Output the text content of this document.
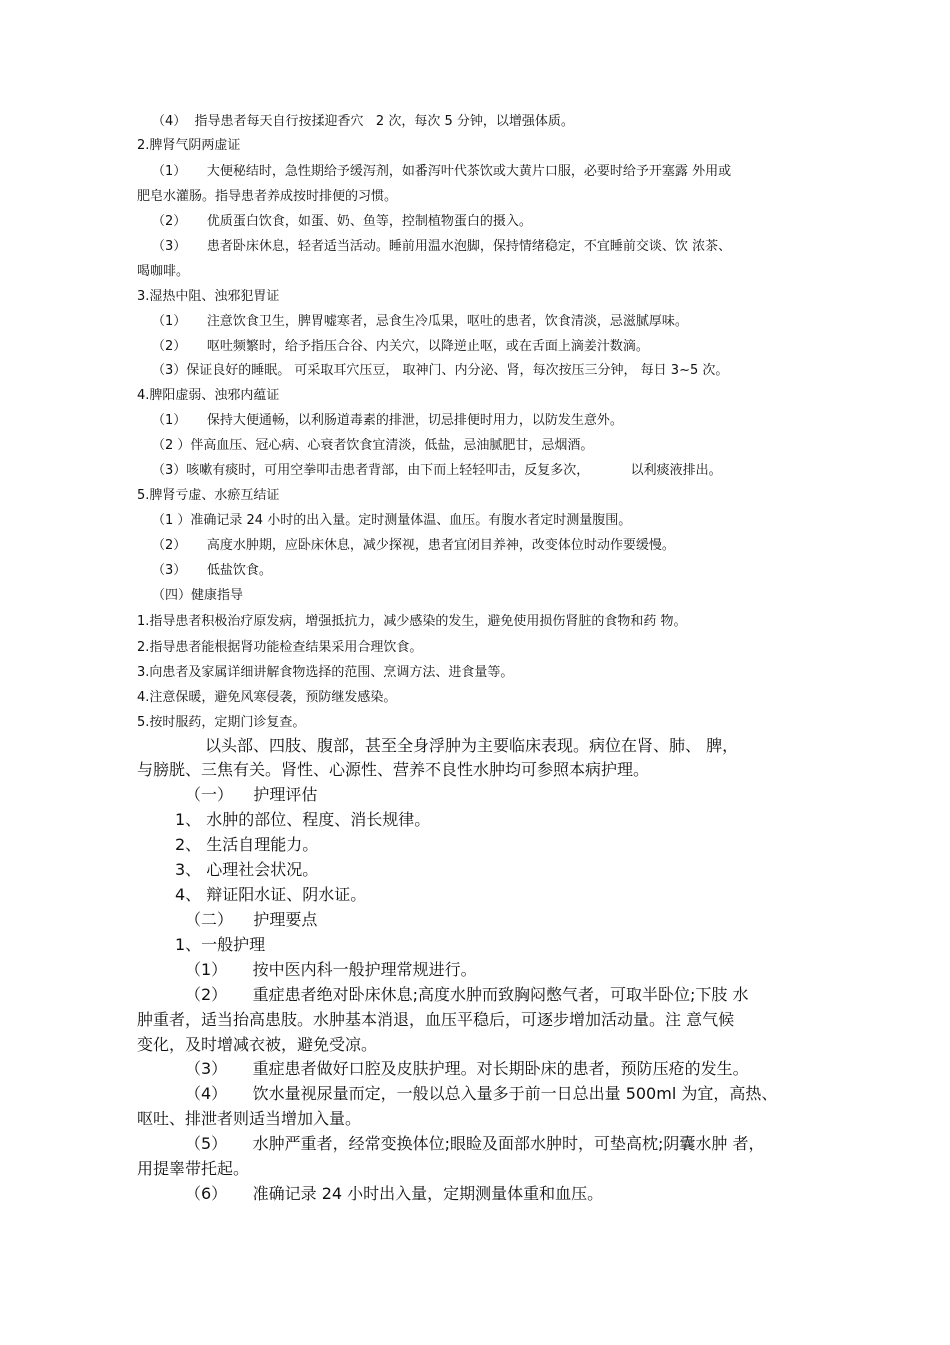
（4）  指导患者每天自行按揉迎香穴   2 次，每次 5 分钟，以增强体质。
2.脾肾气阴两虚证
（1）     大便秘结时，急性期给予缓泻剂，如番泻叶代茶饮或大黄片口服，必要时给予开塞露 外用或
肥皂水灌肠。指导患者养成按时排便的习惯。
（2）     优质蛋白饮食，如蛋、奶、鱼等，控制植物蛋白的摄入。
（3）     患者卧床休息，轻者适当活动。睡前用温水泡脚，保持情绪稳定，不宜睡前交谈、饮 浓茶、
喝咖啡。
3.湿热中阻、浊邪犯胃证
（1）     注意饮食卫生，脾胃嘘寒者，忌食生冷瓜果，呕吐的患者，饮食清淡，忌滋腻厚味。
（2）     呕吐频繁时，给予指压合谷、内关穴，以降逆止呕，或在舌面上滴姜汁数滴。
（3）保证良好的睡眠。 可采取耳穴压豆， 取神门、内分泌、肾，每次按压三分钟， 每日 3~5 次。
4.脾阳虚弱、浊邪内蕴证
（1）     保持大便通畅，以利肠道毒素的排泄，切忌排便时用力，以防发生意外。
（2 ）伴高血压、冠心病、心衰者饮食宜清淡，低盐，忌油腻肥甘，忌烟酒。
（3）咳嗽有痰时，可用空拳叩击患者背部，由下而上轻轻叩击，反复多次，          以利痰液排出。
5.脾肾亏虚、水瘀互结证
（1 ）准确记录 24 小时的出入量。定时测量体温、血压。有腹水者定时测量腹围。
（2）     高度水肿期，应卧床休息，减少探视，患者宜闭目养神，改变体位时动作要缓慢。
（3）     低盐饮食。
（四）健康指导
1.指导患者积极治疗原发病，增强抵抗力，减少感染的发生，避免使用损伤肾脏的食物和药 物。
2.指导患者能根据肾功能检查结果采用合理饮食。
3.向患者及家属详细讲解食物选择的范围、烹调方法、进食量等。
4.注意保暖，避免风寒侵袭，预防继发感染。
5.按时服药，定期门诊复查。
以头部、四肢、腹部，甚至全身浮肿为主要临床表现。病位在肾、肺、 脾，
与膀胱、三焦有关。肾性、心源性、营养不良性水肿均可参照本病护理。
（一）    护理评估
1、 水肿的部位、程度、消长规律。
2、 生活自理能力。
3、 心理社会状况。
4、 辩证阳水证、阴水证。
（二）    护理要点
1、一般护理
（1）     按中医内科一般护理常规进行。
（2）     重症患者绝对卧床休息;高度水肿而致胸闷憋气者，可取半卧位;下肢 水
肿重者，适当抬高患肢。水肿基本消退，血压平稳后，可逐步增加活动量。注 意气候
变化，及时增减衣被，避免受凉。
（3）     重症患者做好口腔及皮肤护理。对长期卧床的患者，预防压疮的发生。
（4）     饮水量视尿量而定，一般以总入量多于前一日总出量 500ml 为宜，高热、
呕吐、排泄者则适当增加入量。
（5）     水肿严重者，经常变换体位;眼睑及面部水肿时，可垫高枕;阴囊水肿 者，
用提睾带托起。
（6）     准确记录 24 小时出入量，定期测量体重和血压。
